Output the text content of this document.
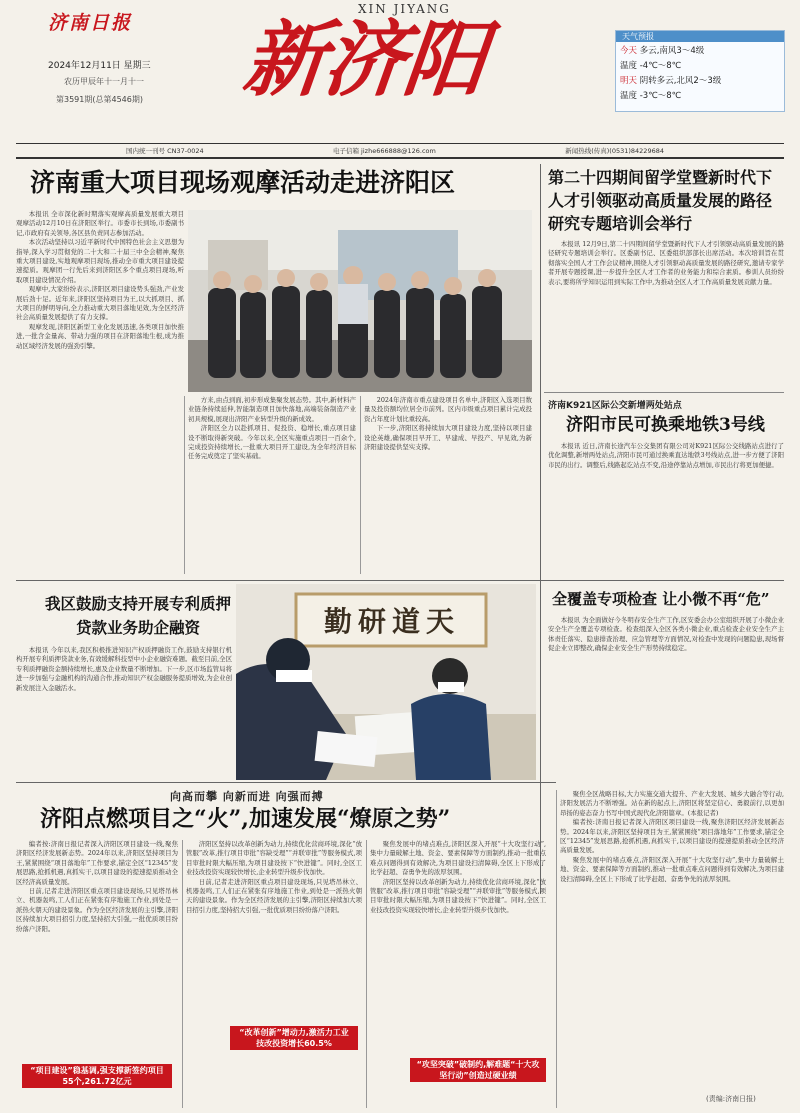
济南日报
2024年12月11日 星期三
农历甲辰年十一月十一
第3591期(总第4546期)
XIN JIYANG
新济阳	天气预报
今天 多云,南风3～4级
温度 -4℃～8℃
明天 阴转多云,北风2～3级
温度 -3℃～8℃
国内统一刊号 CN37-0024	电子信箱 jizhe666888@126.com	新闻热线(传真)(0531)84229684
济南重大项目现场观摩活动走进济阳区

本报讯 全市深化新时期落实观摩高质量发展重大项目观摩活动12月10日在济阳区举行。市委市长到场,市委副书记,市政府有关领导,各区县负责同志参加活动。

本次活动坚持以习近平新时代中国特色社会主义思想为指导,深入学习贯彻党的二十大和二十届三中全会精神,聚焦重大项目建设,实地观摩项目现场,推动全市重大项目建设提速提质。观摩团一行先后来到济阳区多个重点项目现场,听取项目建设情况介绍。

观摩中,大家纷纷表示,济阳区项目建设势头强劲,产业发展后劲十足。近年来,济阳区坚持项目为王,以大抓项目、抓大项目的鲜明导向,全力推动重大项目落地见效,为全区经济社会高质量发展提供了有力支撑。

观摩发现,济阳区新型工业化发展迅速,各类项目加快推进,一批含金量高、带动力强的项目在济阳落地生根,成为推动区域经济发展的强劲引擎。

方来,由点到面,初步形成集聚发展态势。其中,新材料产业链条持续延伸,智能制造项目加快落地,高端装备制造产业初具规模,展现出济阳产业转型升级的新成效。

济阳区全力以赴抓项目、促投资、稳增长,重点项目建设不断取得新突破。今年以来,全区实施重点项目一百余个,完成投资持续增长,一批重大项目开工建设,为全年经济目标任务完成奠定了坚实基础。

2024年济南市重点建设项目名单中,济阳区入选项目数量及投资额均位居全市前列。区内市级重点项目累计完成投资占年度计划比重较高。

下一步,济阳区将持续加大项目建设力度,坚持以项目建设论英雄,确保项目早开工、早建成、早投产、早见效,为新济阳建设提供坚实支撑。

第二十四期间留学堂暨新时代下人才引领驱动高质量发展的路径研究专题培训会举行

本报讯 12月9日,第二十四期间留学堂暨新时代下人才引领驱动高质量发展的路径研究专题培训会举行。区委副书记、区委组织部部长出席活动。本次培训旨在贯彻落实全国人才工作会议精神,围绕人才引领驱动高质量发展的路径研究,邀请专家学者开展专题授课,进一步提升全区人才工作者的业务能力和综合素质。参训人员纷纷表示,要将所学知识运用到实际工作中,为推动全区人才工作高质量发展贡献力量。

济南K921区际公交新增两处站点
济阳市民可换乘地铁3号线

本报讯 近日,济南长途汽车公交集团有限公司对K921区际公交线路站点进行了优化调整,新增两处站点,济阳市民可通过换乘直达地铁3号线站点,进一步方便了济阳市民的出行。调整后,线路起讫站点不变,沿途停靠站点增加,市民出行将更加便捷。

我区鼓励支持开展专利质押贷款业务助企融资

本报讯 今年以来,我区积极推进知识产权质押融资工作,鼓励支持银行机构开展专利质押贷款业务,有效缓解科技型中小企业融资难题。截至目前,全区专利质押融资金额持续增长,惠及企业数量不断增加。下一步,区市场监管局将进一步加强与金融机构的沟通合作,推动知识产权金融服务提质增效,为企业创新发展注入金融活水。

勤研道天
全覆盖专项检查 让小微不再“危”

本报讯 为全面做好今冬明春安全生产工作,区安委会办公室组织开展了小微企业安全生产全覆盖专项检查。检查组深入全区各类小微企业,重点检查企业安全生产主体责任落实、隐患排查治理、应急管理等方面情况,对检查中发现的问题隐患,现场督促企业立即整改,确保企业安全生产形势持续稳定。

向高而攀 向新而进 向强而搏
济阳点燃项目之“火”,加速发展“燎原之势”

编者按:济南日报记者深入济阳区项目建设一线,聚焦济阳区经济发展新态势。2024年以来,济阳区坚持项目为王,紧紧围绕“项目落地年”工作要求,锚定全区“12345”发展思路,抢抓机遇,真抓实干,以项目建设的提速提质推动全区经济高质量发展。

日前,记者走进济阳区重点项目建设现场,只见塔吊林立、机器轰鸣,工人们正在紧张有序地施工作业,到处是一派热火朝天的建设景象。作为全区经济发展的主引擎,济阳区持续加大项目招引力度,坚持招大引强,一批优质项目纷纷落户济阳。

“项目建设”稳基调,强支撑新签约项目55个,261.72亿元

济阳区坚持以改革创新为动力,持续优化营商环境,深化“放管服”改革,推行项目审批“容缺受理”“并联审批”等服务模式,项目审批时限大幅压缩,为项目建设按下“快进键”。同时,全区工业技改投资实现较快增长,企业转型升级步伐加快。

日前,记者走进济阳区重点项目建设现场,只见塔吊林立、机器轰鸣,工人们正在紧张有序地施工作业,到处是一派热火朝天的建设景象。作为全区经济发展的主引擎,济阳区持续加大项目招引力度,坚持招大引强,一批优质项目纷纷落户济阳。

“改革创新”增动力,激活力工业技改投资增长60.5%

聚焦发展中的堵点难点,济阳区深入开展“十大攻坚行动”,集中力量破解土地、资金、要素保障等方面制约,推动一批重点难点问题得到有效解决,为项目建设扫清障碍,全区上下形成了比学赶超、奋勇争先的浓厚氛围。

济阳区坚持以改革创新为动力,持续优化营商环境,深化“放管服”改革,推行项目审批“容缺受理”“并联审批”等服务模式,项目审批时限大幅压缩,为项目建设按下“快进键”。同时,全区工业技改投资实现较快增长,企业转型升级步伐加快。

“攻坚突破”破制约,解难题“十大攻坚行动”创造过硬业绩

聚焦全区战略目标,大力实施交通大提升、产业大发展、城乡大融合等行动,济阳发展活力不断增强。站在新的起点上,济阳区将坚定信心、勇毅前行,以更加昂扬的姿态奋力书写中国式现代化济阳篇章。(本报记者)

编者按:济南日报记者深入济阳区项目建设一线,聚焦济阳区经济发展新态势。2024年以来,济阳区坚持项目为王,紧紧围绕“项目落地年”工作要求,锚定全区“12345”发展思路,抢抓机遇,真抓实干,以项目建设的提速提质推动全区经济高质量发展。

聚焦发展中的堵点难点,济阳区深入开展“十大攻坚行动”,集中力量破解土地、资金、要素保障等方面制约,推动一批重点难点问题得到有效解决,为项目建设扫清障碍,全区上下形成了比学赶超、奋勇争先的浓厚氛围。

(责编:济南日报)
